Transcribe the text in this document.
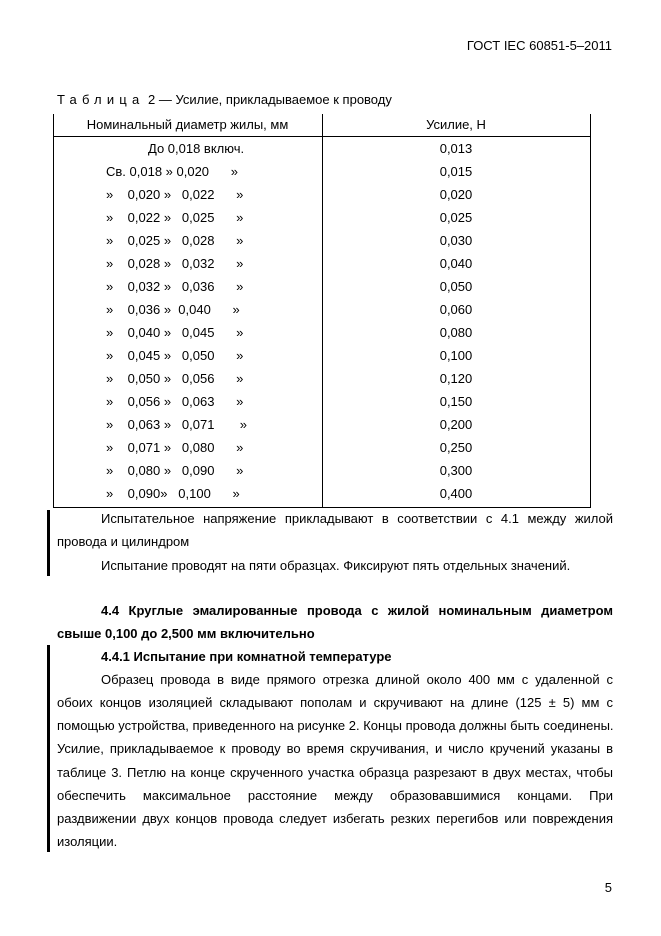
ГОСТ IEC 60851-5–2011
Таблица 2 — Усилие, прикладываемое к проводу
Номинальный диаметр жилы, мм	Усилие, Н
До 0,018 включ.	0,013
Св. 0,018 » 0,020      »	0,015
»    0,020 »   0,022      »	0,020
»    0,022 »   0,025      »	0,025
»    0,025 »   0,028      »	0,030
»    0,028 »   0,032      »	0,040
»    0,032 »   0,036      »	0,050
»    0,036 »  0,040      »	0,060
»    0,040 »   0,045      »	0,080
»    0,045 »   0,050      »	0,100
»    0,050 »   0,056      »	0,120
»    0,056 »   0,063      »	0,150
»    0,063 »   0,071       »	0,200
»    0,071 »   0,080      »	0,250
»    0,080 »   0,090      »	0,300
»    0,090»   0,100      »	0,400
Испытательное напряжение прикладывают в соответствии с 4.1 между жилой
провода и цилиндром
Испытание проводят на пяти образцах. Фиксируют пять отдельных значений.
4.4 Круглые эмалированные провода с жилой номинальным диаметром
свыше 0,100 до 2,500 мм включительно
4.4.1 Испытание при комнатной температуре
Образец провода в виде прямого отрезка длиной около 400 мм с удаленной с
обоих концов изоляцией складывают пополам и скручивают на длине (125 ± 5) мм с
помощью устройства, приведенного на рисунке 2. Концы провода должны быть соединены.
Усилие, прикладываемое к проводу во время скручивания, и число кручений указаны в
таблице 3. Петлю на конце скрученного участка образца разрезают в двух местах, чтобы
обеспечить максимальное расстояние между образовавшимися концами. При
раздвижении двух концов провода следует избегать резких перегибов или повреждения
изоляции.
5
